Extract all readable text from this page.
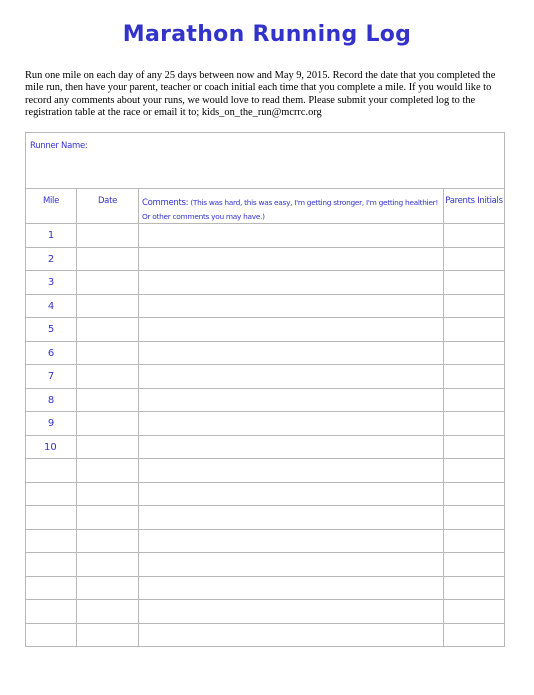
Marathon Running Log
Run one mile on each day of any 25 days between now and May 9, 2015. Record the date that you completed the mile run, then have your parent, teacher or coach initial each time that you complete a mile. If you would like to record any comments about your runs, we would love to read them. Please submit your completed log to the registration table at the race or email it to; kids_on_the_run@mcrrc.org
Runner Name:			
Mile	Date	Comments: (This was hard, this was easy, I'm getting stronger, I'm getting healthier! Or other comments you may have.)	Parents Initials
1			
2			
3			
4			
5			
6			
7			
8			
9			
10			
